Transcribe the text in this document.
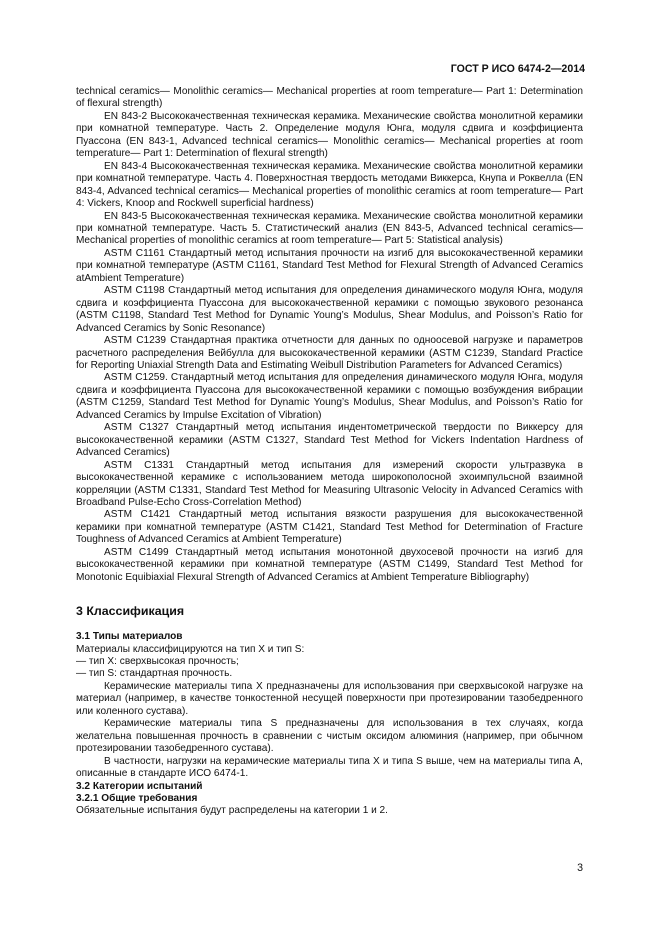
ГОСТ Р ИСО 6474-2—2014

technical ceramics— Monolithic ceramics— Mechanical properties at room temperature— Part 1: Determination of flexural strength)

EN 843-2 Высококачественная техническая керамика. Механические свойства монолитной керамики при комнатной температуре. Часть 2. Определение модуля Юнга, модуля сдвига и коэффициента Пуассона (EN 843-1, Advanced technical ceramics— Monolithic ceramics— Mechanical properties at room temperature— Part 1: Determination of flexural strength)

EN 843-4 Высококачественная техническая керамика. Механические свойства монолитной керамики при комнатной температуре. Часть 4. Поверхностная твердость методами Виккерса, Кнупа и Роквелла (EN 843-4, Advanced technical ceramics— Mechanical properties of monolithic ceramics at room temperature— Part 4: Vickers, Knoop and Rockwell superficial hardness)

EN 843-5 Высококачественная техническая керамика. Механические свойства монолитной керамики при комнатной температуре. Часть 5. Статистический анализ (EN 843-5, Advanced technical ceramics— Mechanical properties of monolithic ceramics at room temperature— Part 5: Statistical analysis)

ASTM C1161 Стандартный метод испытания прочности на изгиб для высококачественной керамики при комнатной температуре (ASTM C1161, Standard Test Method for Flexural Strength of Advanced Ceramics atAmbient Temperature)

ASTM C1198 Стандартный метод испытания для определения динамического модуля Юнга, модуля сдвига и коэффициента Пуассона для высококачественной керамики с помощью звукового резонанса (ASTM C1198, Standard Test Method for Dynamic Young’s Modulus, Shear Modulus, and Poisson’s Ratio for Advanced Ceramics by Sonic Resonance)

ASTM C1239 Стандартная практика отчетности для данных по одноосевой нагрузке и параметров расчетного распределения Вейбулла для высококачественной керамики (ASTM C1239, Standard Practice for Reporting Uniaxial Strength Data and Estimating Weibull Distribution Parameters for Advanced Ceramics)

ASTM C1259. Стандартный метод испытания для определения динамического модуля Юнга, модуля сдвига и коэффициента Пуассона для высококачественной керамики с помощью возбуждения вибрации (ASTM C1259, Standard Test Method for Dynamic Young’s Modulus, Shear Modulus, and Poisson’s Ratio for Advanced Ceramics by Impulse Excitation of Vibration)

ASTM C1327 Стандартный метод испытания индентометрической твердости по Виккерсу для высококачественной керамики (ASTM C1327, Standard Test Method for Vickers Indentation Hardness of Advanced Ceramics)

ASTM C1331 Стандартный метод испытания для измерений скорости ультразвука в высококачественной керамике с использованием метода широкополосной эхоимпульсной взаимной корреляции (ASTM C1331, Standard Test Method for Measuring Ultrasonic Velocity in Advanced Ceramics with Broadband Pulse-Echo Cross-Correlation Method)

ASTM C1421 Стандартный метод испытания вязкости разрушения для высококачественной керамики при комнатной температуре (ASTM C1421, Standard Test Method for Determination of Fracture Toughness of Advanced Ceramics at Ambient Temperature)

ASTM C1499 Стандартный метод испытания монотонной двухосевой прочности на изгиб для высококачественной керамики при комнатной температуре (ASTM C1499, Standard Test Method for Monotonic Equibiaxial Flexural Strength of Advanced Ceramics at Ambient Temperature Bibliography)

3 Классификация

3.1 Типы материалов

Материалы классифицируются на тип X и тип S:

— тип X: сверхвысокая прочность;

— тип S: стандартная прочность.

Керамические материалы типа X предназначены для использования при сверхвысокой нагрузке на материал (например, в качестве тонкостенной несущей поверхности при протезировании тазобедренного или коленного сустава).

Керамические материалы типа S предназначены для использования в тех случаях, когда желательна повышенная прочность в сравнении с чистым оксидом алюминия (например, при обычном протезировании тазобедренного сустава).

В частности, нагрузки на керамические материалы типа X и типа S выше, чем на материалы типа А, описанные в стандарте ИСО 6474-1.

3.2 Категории испытаний

3.2.1 Общие требования

Обязательные испытания будут распределены на категории 1 и 2.

3
